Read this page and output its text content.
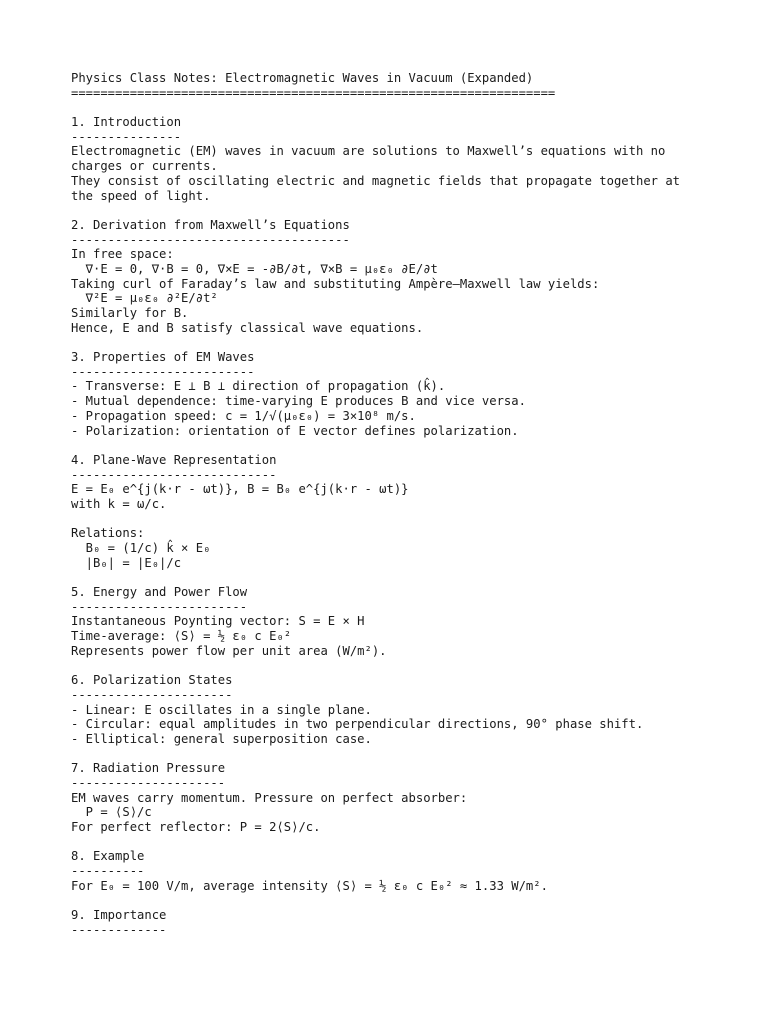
Physics Class Notes: Electromagnetic Waves in Vacuum (Expanded)
==================================================================
1. Introduction
---------------
Electromagnetic (EM) waves in vacuum are solutions to Maxwell’s equations with no
charges or currents.
They consist of oscillating electric and magnetic fields that propagate together at
the speed of light.
2. Derivation from Maxwell’s Equations
--------------------------------------
In free space:
∇·E = 0, ∇·B = 0, ∇×E = -∂B/∂t, ∇×B = μ₀ε₀ ∂E/∂t
Taking curl of Faraday’s law and substituting Ampère–Maxwell law yields:
∇²E = μ₀ε₀ ∂²E/∂t²
Similarly for B.
Hence, E and B satisfy classical wave equations.
3. Properties of EM Waves
-------------------------
- Transverse: E ⊥ B ⊥ direction of propagation (k̂).
- Mutual dependence: time-varying E produces B and vice versa.
- Propagation speed: c = 1/√(μ₀ε₀) = 3×10⁸ m/s.
- Polarization: orientation of E vector defines polarization.
4. Plane-Wave Representation
----------------------------
E = E₀ e^{j(k·r - ωt)}, B = B₀ e^{j(k·r - ωt)}
with k = ω/c.
Relations:
B₀ = (1/c) k̂ × E₀
|B₀| = |E₀|/c
5. Energy and Power Flow
------------------------
Instantaneous Poynting vector: S = E × H
Time-average: ⟨S⟩ = ½ ε₀ c E₀²
Represents power flow per unit area (W/m²).
6. Polarization States
----------------------
- Linear: E oscillates in a single plane.
- Circular: equal amplitudes in two perpendicular directions, 90° phase shift.
- Elliptical: general superposition case.
7. Radiation Pressure
---------------------
EM waves carry momentum. Pressure on perfect absorber:
P = ⟨S⟩/c
For perfect reflector: P = 2⟨S⟩/c.
8. Example
----------
For E₀ = 100 V/m, average intensity ⟨S⟩ = ½ ε₀ c E₀² ≈ 1.33 W/m².
9. Importance
-------------
